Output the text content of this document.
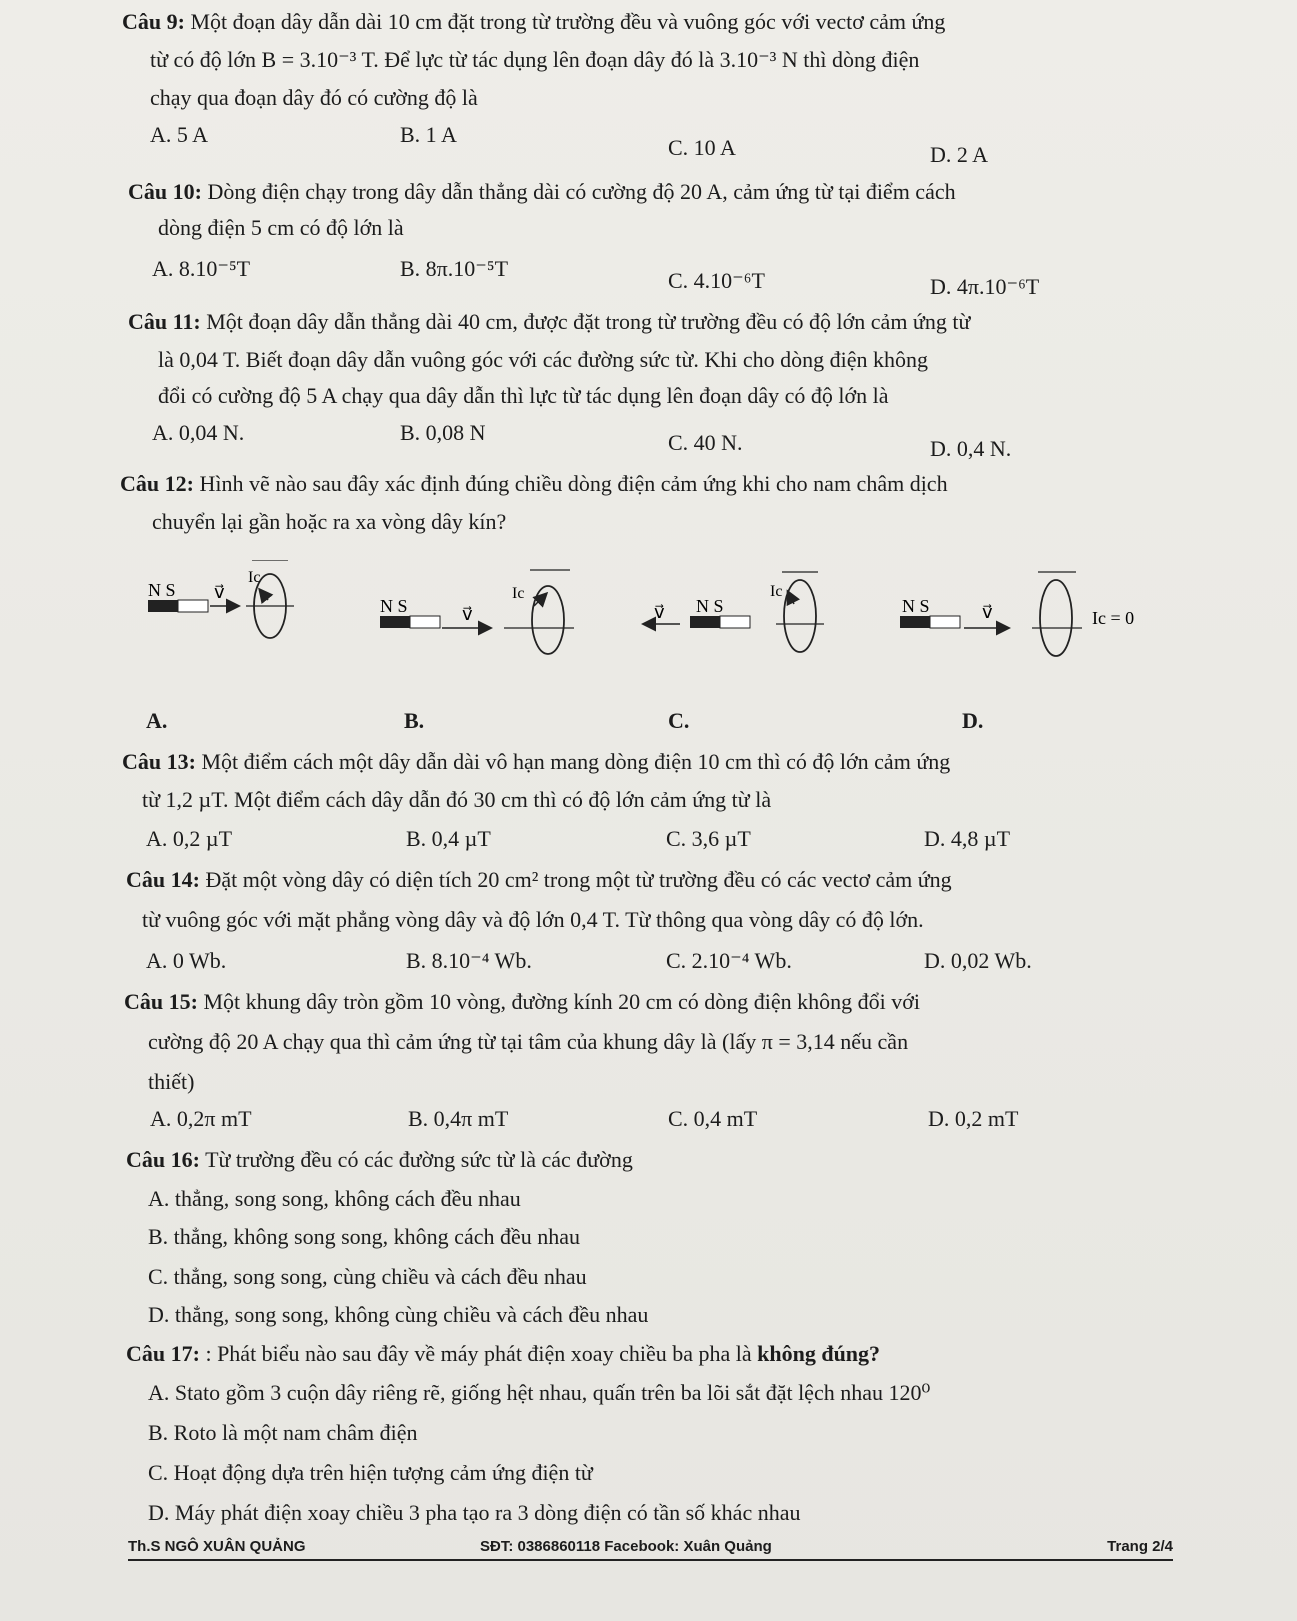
Câu 9: Một đoạn dây dẫn dài 10 cm đặt trong từ trường đều và vuông góc với vectơ cảm ứng
từ có độ lớn B = 3.10⁻³ T. Để lực từ tác dụng lên đoạn dây đó là 3.10⁻³ N thì dòng điện
chạy qua đoạn dây đó có cường độ là
A. 5 A	B. 1 A
C. 10 A	D. 2 A
Câu 10: Dòng điện chạy trong dây dẫn thẳng dài có cường độ 20 A, cảm ứng từ tại điểm cách
dòng điện 5 cm có độ lớn là
A. 8.10⁻⁵T	B. 8π.10⁻⁵T	C. 4.10⁻⁶T	D. 4π.10⁻⁶T
Câu 11: Một đoạn dây dẫn thẳng dài 40 cm, được đặt trong từ trường đều có độ lớn cảm ứng từ
là 0,04 T. Biết đoạn dây dẫn vuông góc với các đường sức từ. Khi cho dòng điện không
đổi có cường độ 5 A chạy qua dây dẫn thì lực từ tác dụng lên đoạn dây có độ lớn là
A. 0,04 N.	B. 0,08 N	C. 40 N.	D. 0,4 N.
Câu 12: Hình vẽ nào sau đây xác định đúng chiều dòng điện cảm ứng khi cho nam châm dịch
chuyển lại gần hoặc ra xa vòng dây kín?
N S v⃗
Ic
N S	v⃗
Ic
v⃗ N S
Ic
N S	v⃗	Ic = 0
A.	B.	C.	D.
Câu 13: Một điểm cách một dây dẫn dài vô hạn mang dòng điện 10 cm thì có độ lớn cảm ứng
từ 1,2 µT. Một điểm cách dây dẫn đó 30 cm thì có độ lớn cảm ứng từ là
A. 0,2 µT	B. 0,4 µT	C. 3,6 µT	D. 4,8 µT
Câu 14: Đặt một vòng dây có diện tích 20 cm² trong một từ trường đều có các vectơ cảm ứng
từ vuông góc với mặt phẳng vòng dây và độ lớn 0,4 T. Từ thông qua vòng dây có độ lớn.
A. 0 Wb.	B. 8.10⁻⁴ Wb.	C. 2.10⁻⁴ Wb.	D. 0,02 Wb.
Câu 15: Một khung dây tròn gồm 10 vòng, đường kính 20 cm có dòng điện không đổi với
cường độ 20 A chạy qua thì cảm ứng từ tại tâm của khung dây là (lấy π = 3,14 nếu cần
thiết)
A. 0,2π mT	B. 0,4π mT	C. 0,4 mT	D. 0,2 mT
Câu 16: Từ trường đều có các đường sức từ là các đường
A. thẳng, song song, không cách đều nhau
B. thẳng, không song song, không cách đều nhau
C. thẳng, song song, cùng chiều và cách đều nhau
D. thẳng, song song, không cùng chiều và cách đều nhau
Câu 17: : Phát biểu nào sau đây về máy phát điện xoay chiều ba pha là không đúng?
A. Stato gồm 3 cuộn dây riêng rẽ, giống hệt nhau, quấn trên ba lõi sắt đặt lệch nhau 120⁰
B. Roto là một nam châm điện
C. Hoạt động dựa trên hiện tượng cảm ứng điện từ
D. Máy phát điện xoay chiều 3 pha tạo ra 3 dòng điện có tần số khác nhau
Th.S NGÔ XUÂN QUẢNG	SĐT: 0386860118 Facebook: Xuân Quảng	Trang 2/4
